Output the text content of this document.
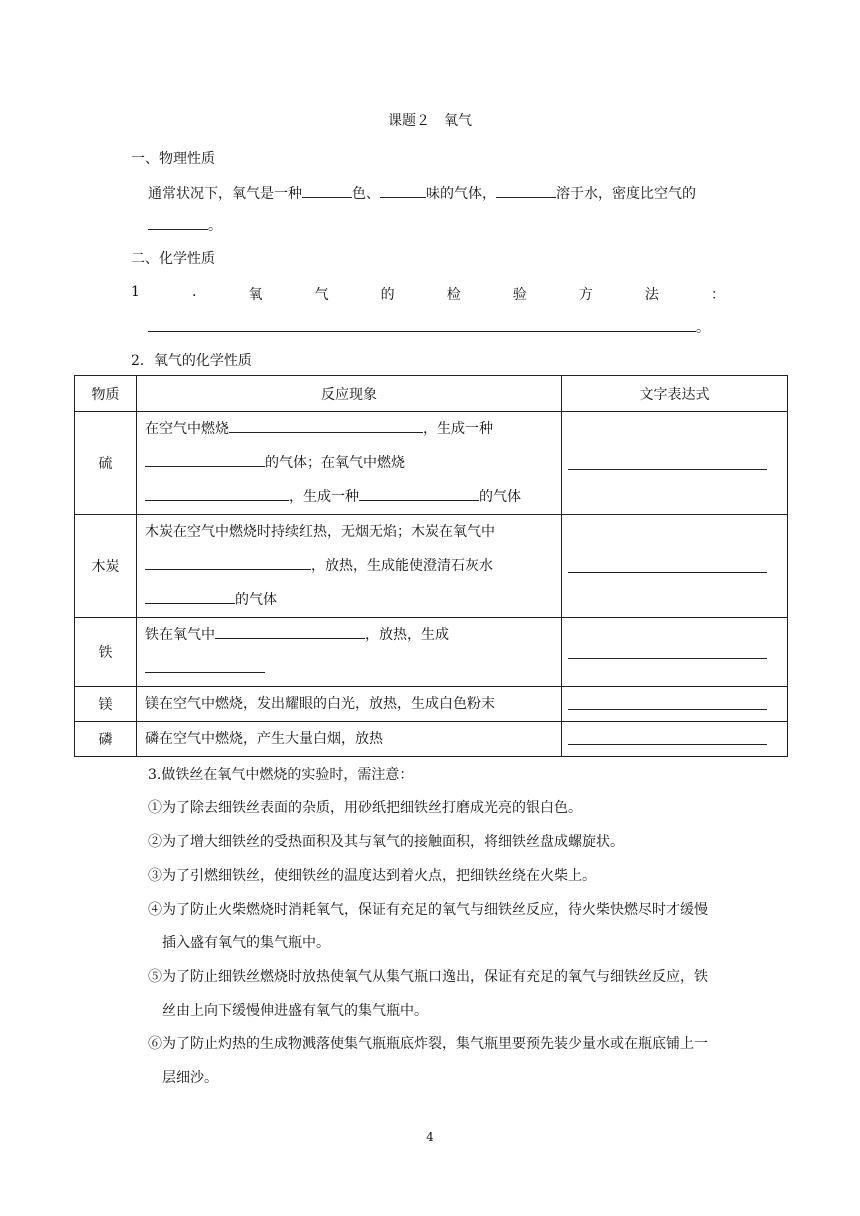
课题２　氧气
一、物理性质
通常状况下，氧气是一种	色、	味的气体，	溶于水，密度比空气的
。
二、化学性质
1	.	氧	气	的	检	验	方	法	：
。
2．氧气的化学性质
物质	反应现象	文字表达式
硫	在空气中燃烧 ，生成一种
的气体；在氧气中燃烧
，生成一种 的气体	

木炭	木炭在空气中燃烧时持续红热，无烟无焰；木炭在氧气中
，放热，生成能使澄清石灰水
的气体	

铁	铁在氧气中 ，放热，生成	

镁	镁在空气中燃烧，发出耀眼的白光，放热，生成白色粉末	

磷	磷在空气中燃烧，产生大量白烟，放热	
3.做铁丝在氧气中燃烧的实验时，需注意：
①为了除去细铁丝表面的杂质，用砂纸把细铁丝打磨成光亮的银白色。
②为了增大细铁丝的受热面积及其与氧气的接触面积，将细铁丝盘成螺旋状。
③为了引燃细铁丝，使细铁丝的温度达到着火点，把细铁丝绕在火柴上。
④为了防止火柴燃烧时消耗氧气，保证有充足的氧气与细铁丝反应，待火柴快燃尽时才缓慢
插入盛有氧气的集气瓶中。
⑤为了防止细铁丝燃烧时放热使氧气从集气瓶口逸出，保证有充足的氧气与细铁丝反应，铁
丝由上向下缓慢伸进盛有氧气的集气瓶中。
⑥为了防止灼热的生成物溅落使集气瓶瓶底炸裂，集气瓶里要预先装少量水或在瓶底铺上一
层细沙。
4
